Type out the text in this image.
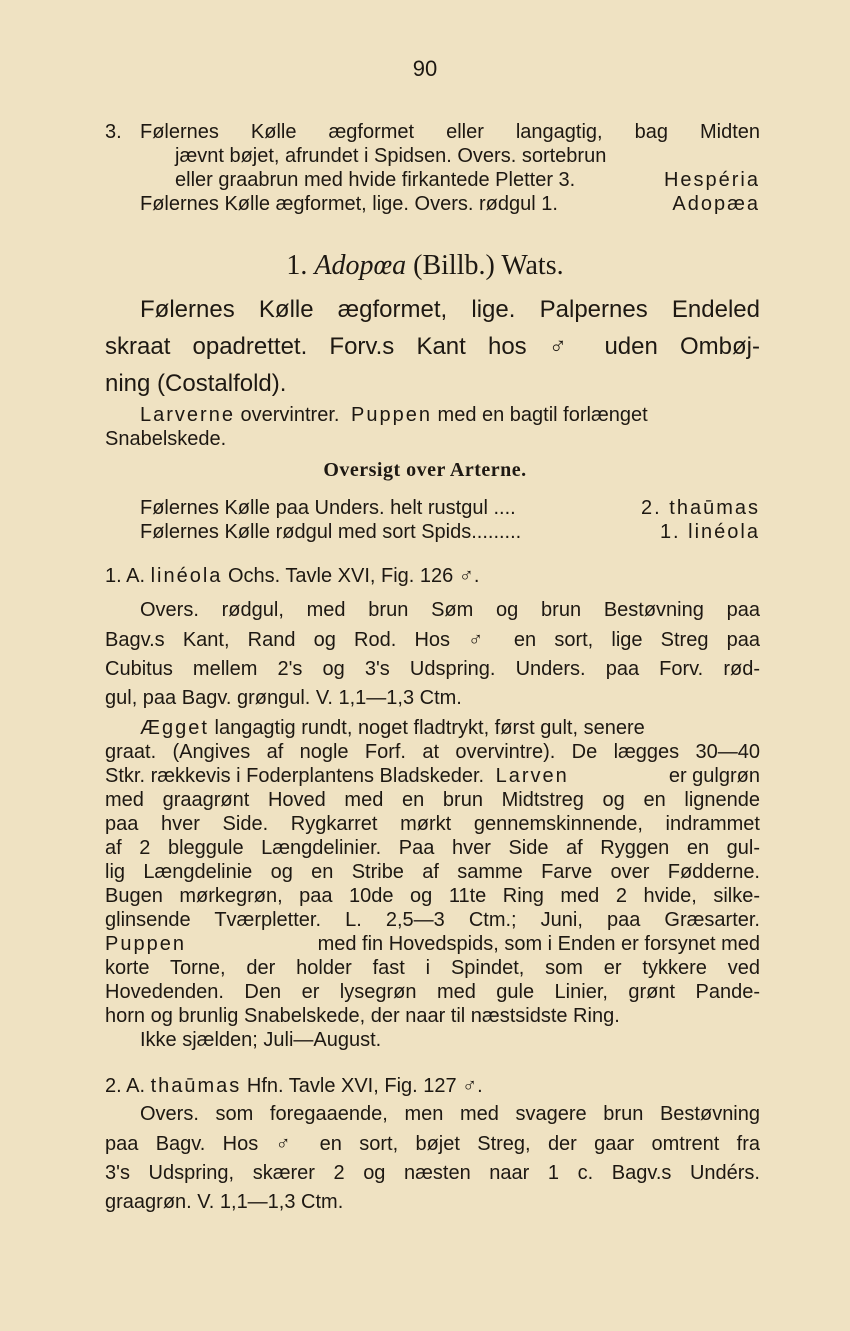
90
3. Følernes Kølle ægformet eller langagtig, bag Midten
jævnt bøjet, afrundet i Spidsen. Overs. sortebrun
eller graabrun med hvide firkantede Pletter 3.	Hespéria
Følernes Kølle ægformet, lige. Overs. rødgul 1.	Adopæa
1. Adopœa (Billb.) Wats.
Følernes Kølle ægformet, lige. Palpernes Endeled
skraat opadrettet. Forv.s Kant hos ♂ uden Ombøj-
ning (Costalfold).
Larverne overvintrer. Puppen med en bagtil forlænget
Snabelskede.
Oversigt over Arterne.
Følernes Kølle paa Unders. helt rustgul ....	2. thaūmas
Følernes Kølle rødgul med sort Spids.........	1. linéola
1. A. linéola Ochs. Tavle XVI, Fig. 126 ♂.
Overs. rødgul, med brun Søm og brun Bestøvning paa
Bagv.s Kant, Rand og Rod. Hos ♂ en sort, lige Streg paa
Cubitus mellem 2's og 3's Udspring. Unders. paa Forv. rød-
gul, paa Bagv. grøngul. V. 1,1—1,3 Ctm.
Ægget langagtig rundt, noget fladtrykt, først gult, senere
graat. (Angives af nogle Forf. at overvintre). De lægges 30—40
Stkr. rækkevis i Foderplantens Bladskeder. Larven	er gulgrøn
med graagrønt Hoved med en brun Midtstreg og en lignende
paa hver Side. Rygkarret mørkt gennemskinnende, indrammet
af 2 bleggule Længdelinier. Paa hver Side af Ryggen en gul-
lig Længdelinie og en Stribe af samme Farve over Fødderne.
Bugen mørkegrøn, paa 10de og 11te Ring med 2 hvide, silke-
glinsende Tværpletter. L. 2,5—3 Ctm.; Juni, paa Græsarter.
Puppen	med fin Hovedspids, som i Enden er forsynet med
korte Torne, der holder fast i Spindet, som er tykkere ved
Hovedenden. Den er lysegrøn med gule Linier, grønt Pande-
horn og brunlig Snabelskede, der naar til næstsidste Ring.
Ikke sjælden; Juli—August.
2. A. thaūmas Hfn. Tavle XVI, Fig. 127 ♂.
Overs. som foregaaende, men med svagere brun Bestøvning
paa Bagv. Hos ♂ en sort, bøjet Streg, der gaar omtrent fra
3's Udspring, skærer 2 og næsten naar 1 c. Bagv.s Undérs.
graagrøn. V. 1,1—1,3 Ctm.
